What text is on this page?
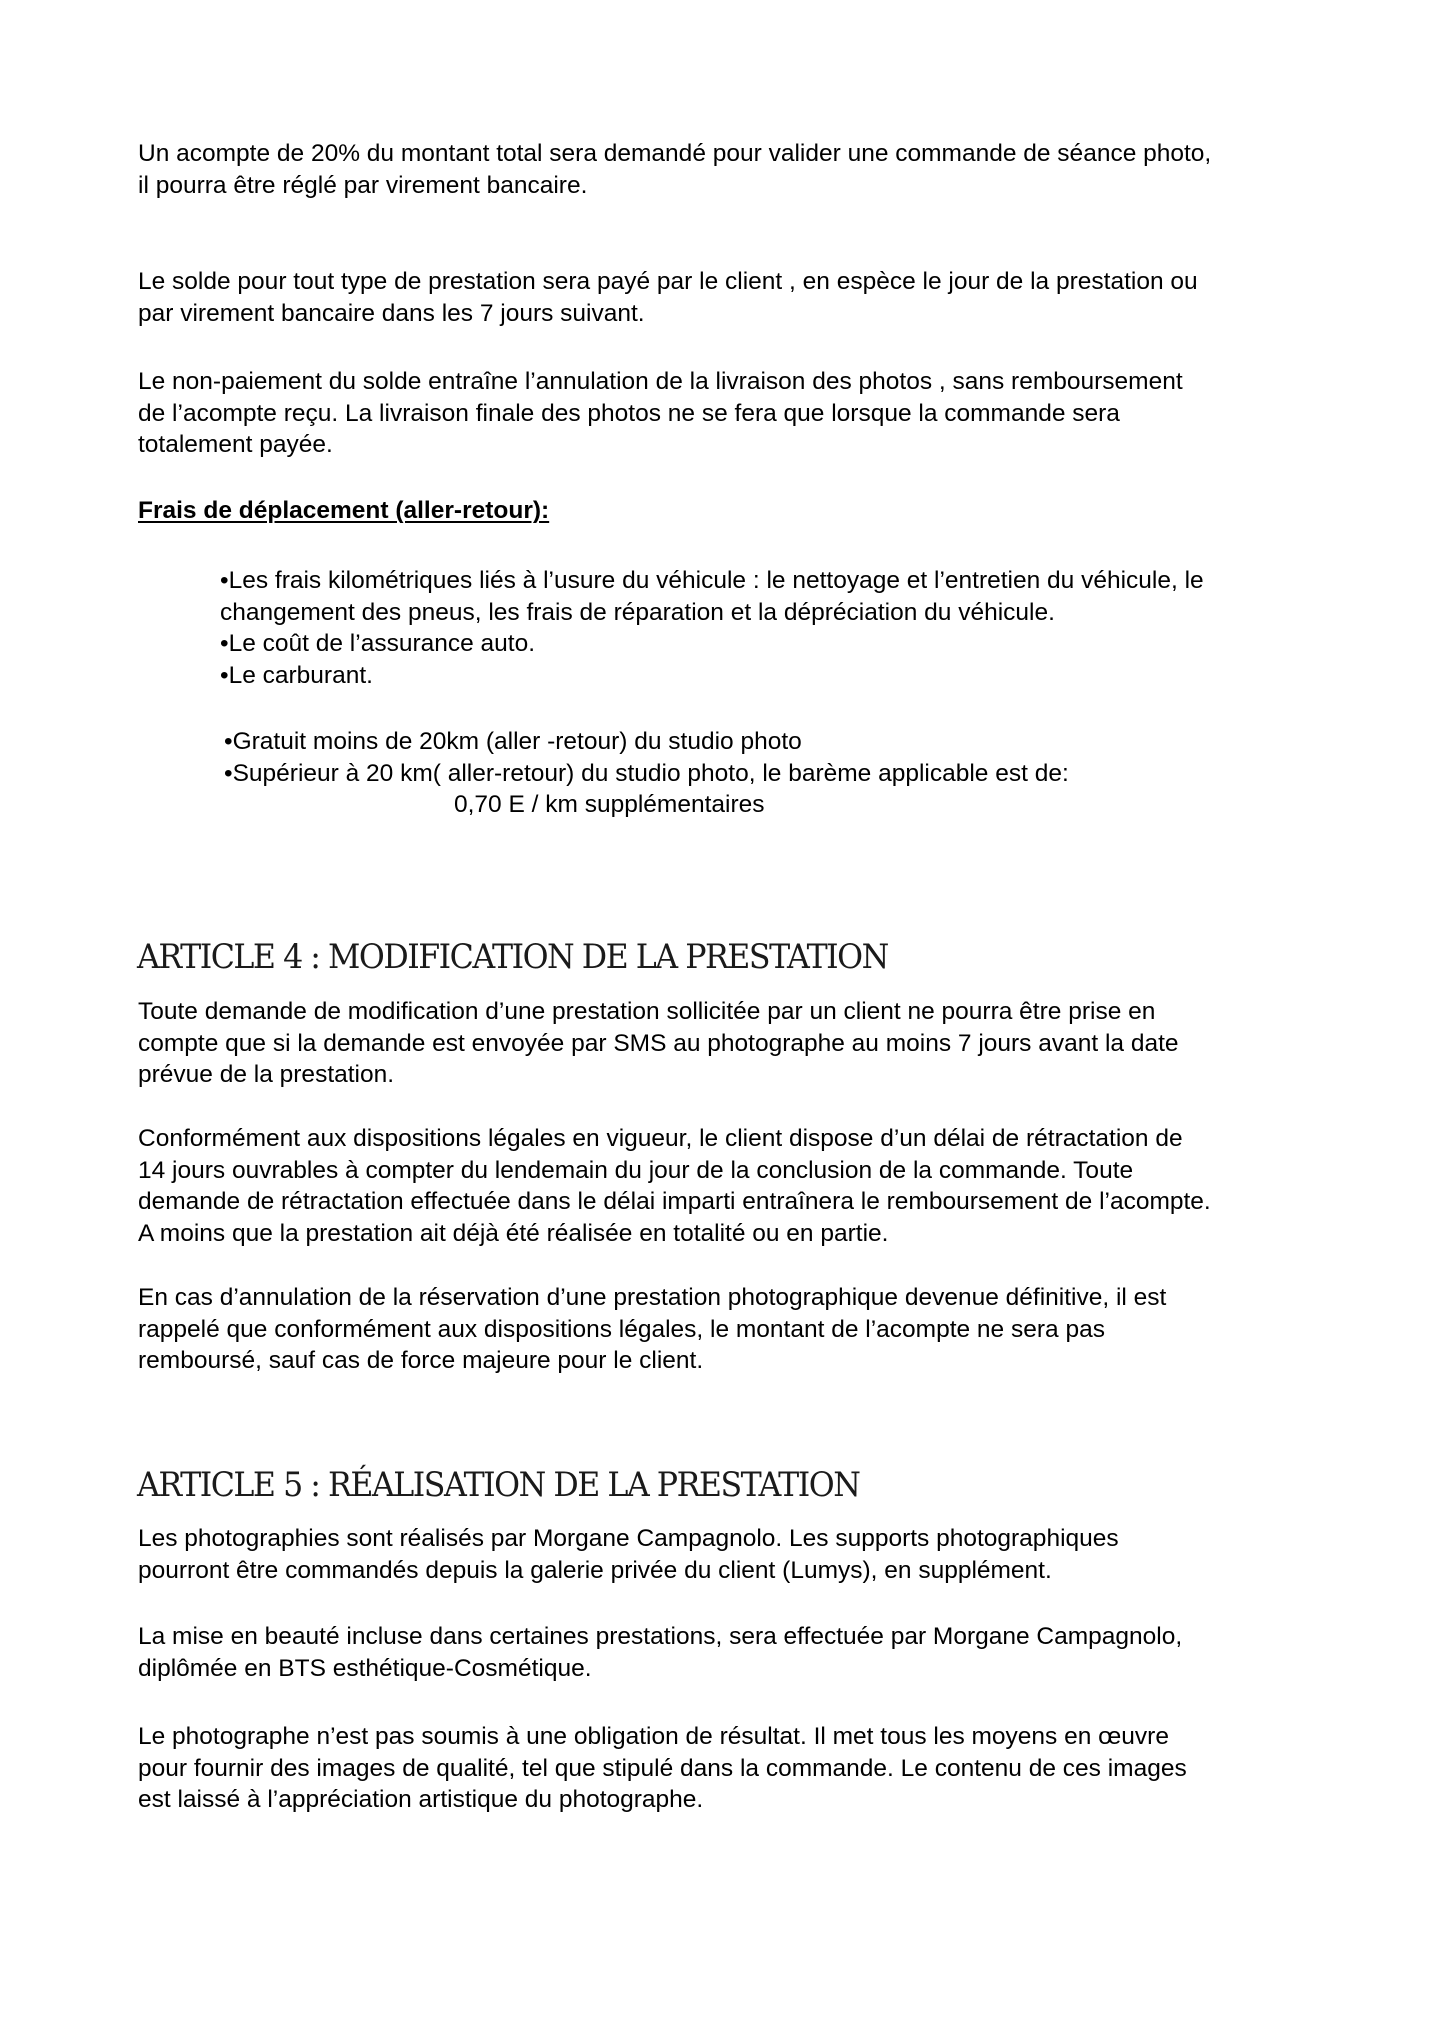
Un acompte de 20% du montant total sera demandé pour valider une commande de séance photo,
il pourra être réglé par virement bancaire.

Le solde pour tout type de prestation sera payé par le client , en espèce le jour de la prestation ou
par virement bancaire dans les 7 jours suivant.

Le non-paiement du solde entraîne l’annulation de la livraison des photos , sans remboursement
de l’acompte reçu. La livraison finale des photos ne se fera que lorsque la commande sera
totalement payée.

Frais de déplacement (aller-retour):

•Les frais kilométriques liés à l’usure du véhicule : le nettoyage et l’entretien du véhicule, le
changement des pneus, les frais de réparation et la dépréciation du véhicule.
•Le coût de l’assurance auto.
•Le carburant.
•Gratuit moins de 20km (aller -retour) du studio photo
•Supérieur à 20 km( aller-retour) du studio photo, le barème applicable est de:

0,70 E / km supplémentaires

ARTICLE 4 : MODIFICATION DE LA PRESTATION

Toute demande de modification d’une prestation sollicitée par un client ne pourra être prise en
compte que si la demande est envoyée par SMS au photographe au moins 7 jours avant la date
prévue de la prestation.

Conformément aux dispositions légales en vigueur, le client dispose d’un délai de rétractation de
14 jours ouvrables à compter du lendemain du jour de la conclusion de la commande. Toute
demande de rétractation effectuée dans le délai imparti entraînera le remboursement de l’acompte.
A moins que la prestation ait déjà été réalisée en totalité ou en partie.

En cas d’annulation de la réservation d’une prestation photographique devenue définitive, il est
rappelé que conformément aux dispositions légales, le montant de l’acompte ne sera pas
remboursé, sauf cas de force majeure pour le client.

ARTICLE 5 : RÉALISATION DE LA PRESTATION

Les photographies sont réalisés par Morgane Campagnolo. Les supports photographiques
pourront être commandés depuis la galerie privée du client (Lumys), en supplément.

La mise en beauté incluse dans certaines prestations, sera effectuée par Morgane Campagnolo,
diplômée en BTS esthétique-Cosmétique.

Le photographe n’est pas soumis à une obligation de résultat. Il met tous les moyens en œuvre
pour fournir des images de qualité, tel que stipulé dans la commande. Le contenu de ces images
est laissé à l’appréciation artistique du photographe.
